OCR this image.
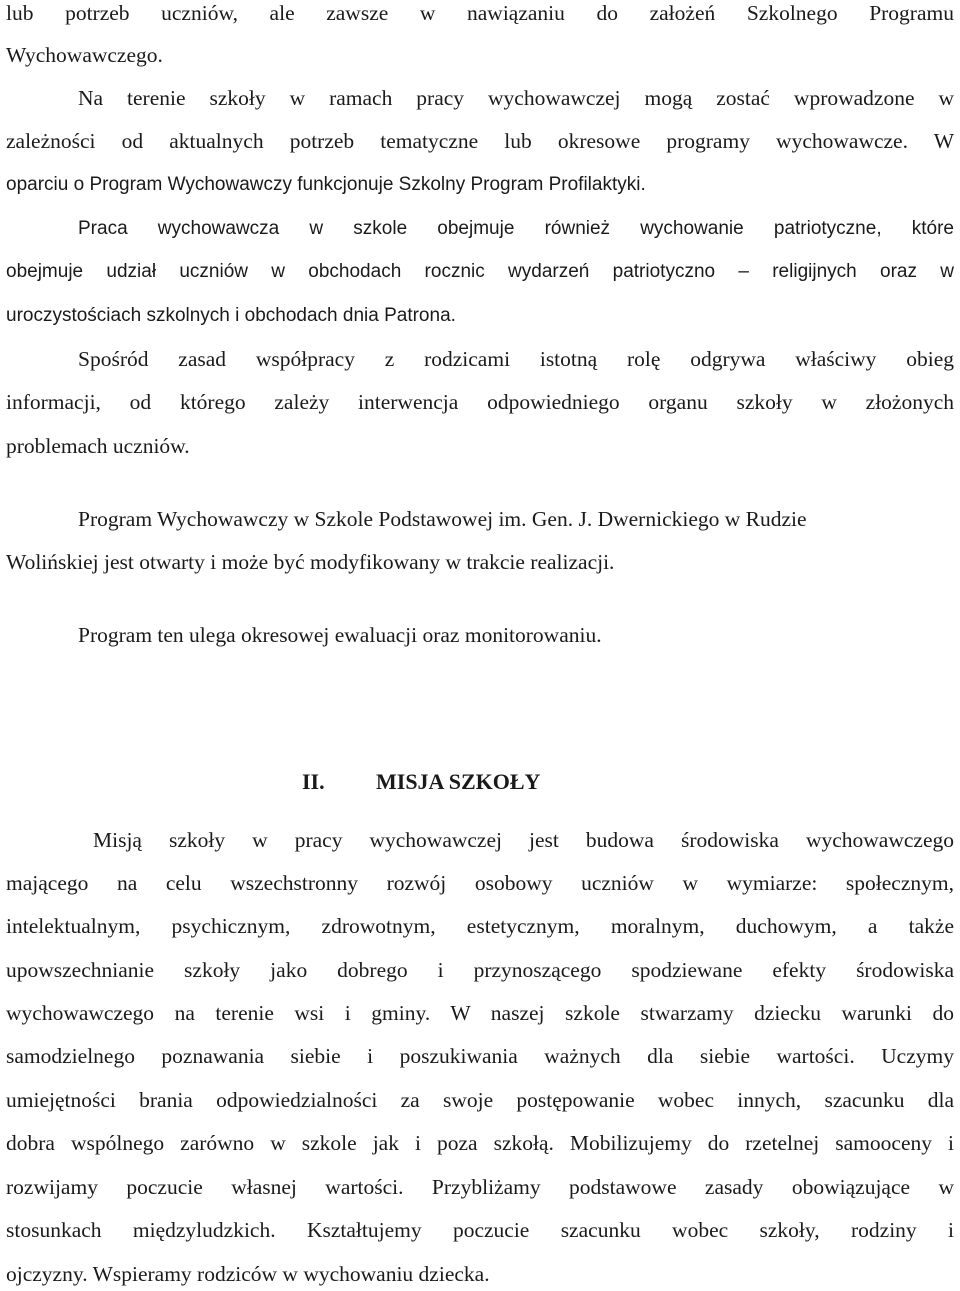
lub potrzeb uczniów, ale zawsze w nawiązaniu do założeń Szkolnego Programu
Wychowawczego.
Na terenie szkoły w ramach pracy wychowawczej mogą zostać wprowadzone w
zależności od aktualnych potrzeb tematyczne lub okresowe programy wychowawcze. W
oparciu o Program Wychowawczy funkcjonuje Szkolny Program Profilaktyki.
Praca wychowawcza w szkole obejmuje również wychowanie patriotyczne, które
obejmuje udział uczniów w obchodach rocznic wydarzeń patriotyczno – religijnych oraz w
uroczystościach szkolnych i obchodach dnia Patrona.
Spośród zasad współpracy z rodzicami istotną rolę odgrywa właściwy obieg
informacji, od którego zależy interwencja odpowiedniego organu szkoły w złożonych
problemach uczniów.
Program Wychowawczy w Szkole Podstawowej im. Gen. J. Dwernickiego w Rudzie
Wolińskiej jest otwarty i może być modyfikowany w trakcie realizacji.
Program ten ulega okresowej ewaluacji oraz monitorowaniu.
II. MISJA SZKOŁY
Misją szkoły w pracy wychowawczej jest budowa środowiska wychowawczego
mającego na celu wszechstronny rozwój osobowy uczniów w wymiarze: społecznym,
intelektualnym, psychicznym, zdrowotnym, estetycznym, moralnym, duchowym, a także
upowszechnianie szkoły jako dobrego i przynoszącego spodziewane efekty środowiska
wychowawczego na terenie wsi i gminy. W naszej szkole stwarzamy dziecku warunki do
samodzielnego poznawania siebie i poszukiwania ważnych dla siebie wartości. Uczymy
umiejętności brania odpowiedzialności za swoje postępowanie wobec innych, szacunku dla
dobra wspólnego zarówno w szkole jak i poza szkołą. Mobilizujemy do rzetelnej samooceny i
rozwijamy poczucie własnej wartości. Przybliżamy podstawowe zasady obowiązujące w
stosunkach międzyludzkich. Kształtujemy poczucie szacunku wobec szkoły, rodziny i
ojczyzny. Wspieramy rodziców w wychowaniu dziecka.
